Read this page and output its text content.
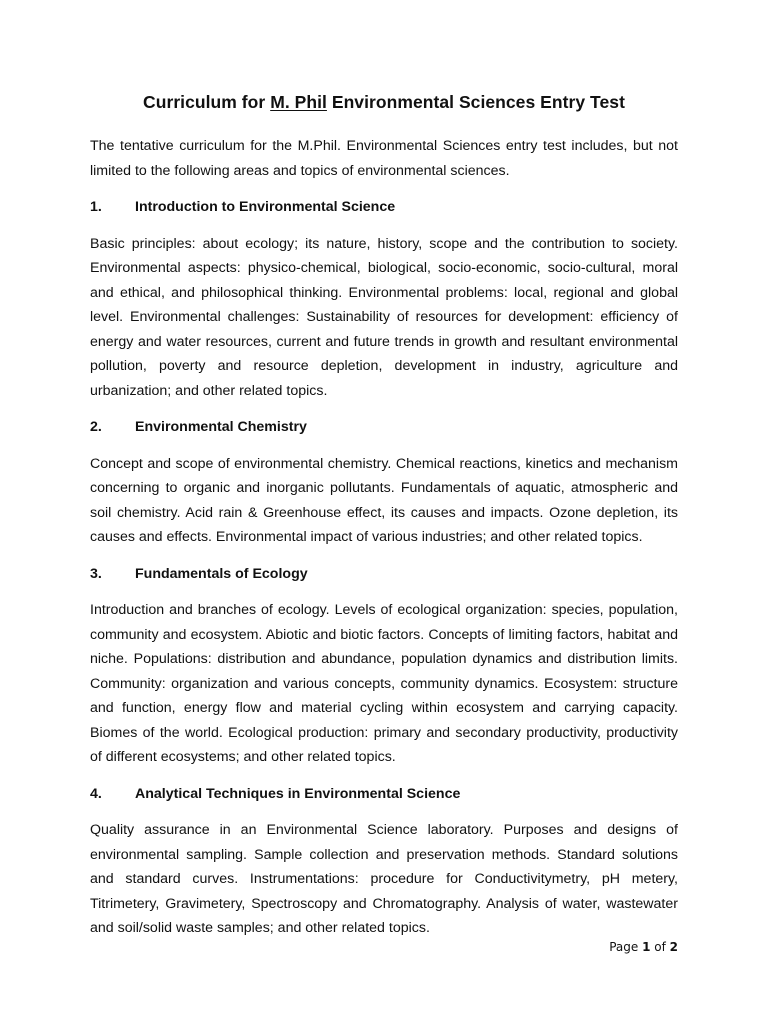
Curriculum for M. Phil Environmental Sciences Entry Test

The tentative curriculum for the M.Phil. Environmental Sciences entry test includes, but not limited to the following areas and topics of environmental sciences.

1.	Introduction to Environmental Science

Basic principles: about ecology; its nature, history, scope and the contribution to society. Environmental aspects: physico-chemical, biological, socio-economic, socio-cultural, moral and ethical, and philosophical thinking. Environmental problems: local, regional and global level. Environmental challenges: Sustainability of resources for development: efficiency of energy and water resources, current and future trends in growth and resultant environmental pollution, poverty and resource depletion, development in industry, agriculture and urbanization; and other related topics.

2.	Environmental Chemistry

Concept and scope of environmental chemistry. Chemical reactions, kinetics and mechanism concerning to organic and inorganic pollutants. Fundamentals of aquatic, atmospheric and soil chemistry. Acid rain & Greenhouse effect, its causes and impacts. Ozone depletion, its causes and effects. Environmental impact of various industries; and other related topics.

3.	Fundamentals of Ecology

Introduction and branches of ecology. Levels of ecological organization: species, population, community and ecosystem. Abiotic and biotic factors. Concepts of limiting factors, habitat and niche. Populations: distribution and abundance, population dynamics and distribution limits. Community: organization and various concepts, community dynamics. Ecosystem: structure and function, energy flow and material cycling within ecosystem and carrying capacity. Biomes of the world. Ecological production: primary and secondary productivity, productivity of different ecosystems; and other related topics.

4.	Analytical Techniques in Environmental Science

Quality assurance in an Environmental Science laboratory. Purposes and designs of environmental sampling. Sample collection and preservation methods. Standard solutions and standard curves. Instrumentations: procedure for Conductivitymetry, pH metery, Titrimetery, Gravimetery, Spectroscopy and Chromatography. Analysis of water, wastewater and soil/solid waste samples; and other related topics.

Page 1 of 2
